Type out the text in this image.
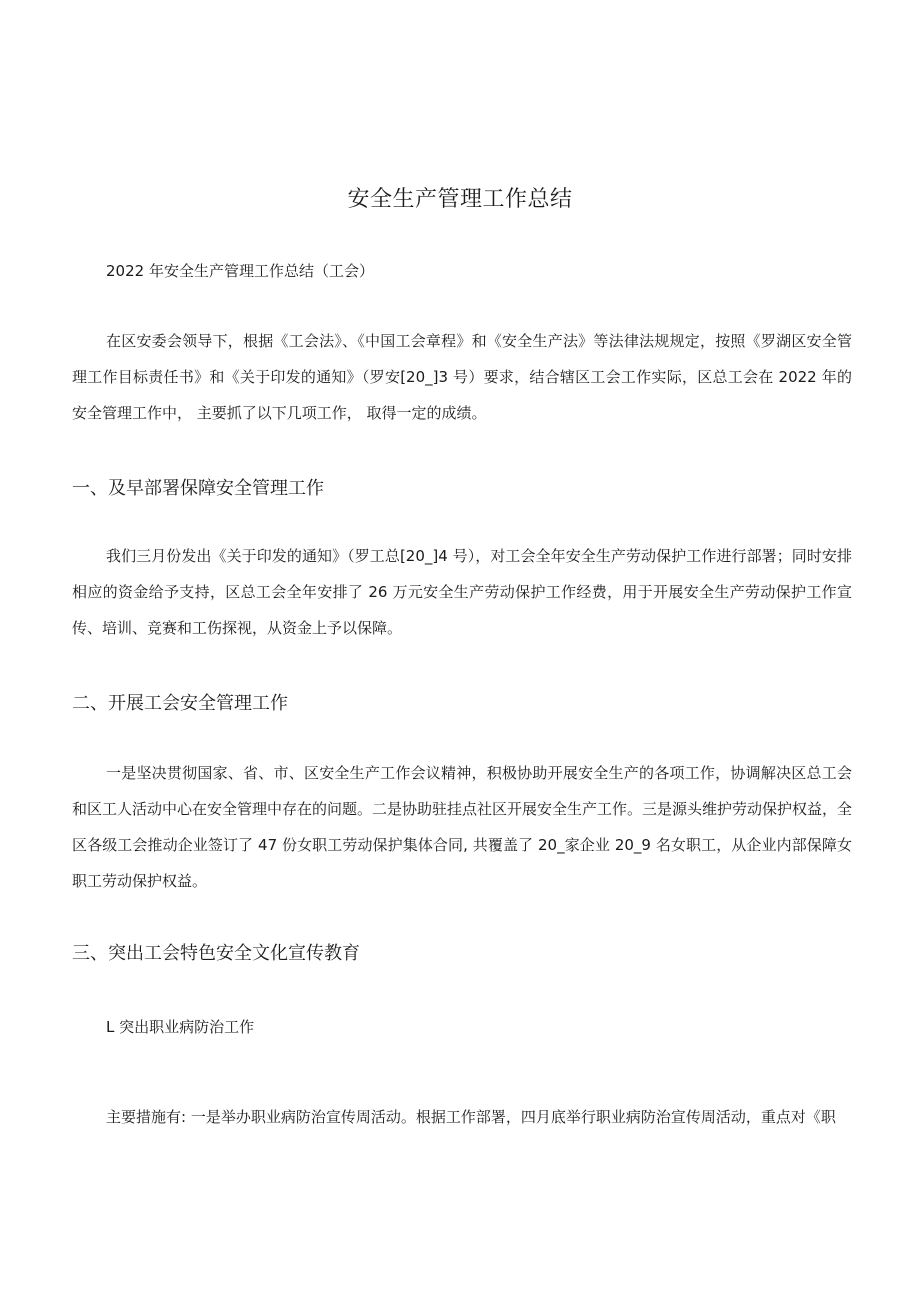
安全生产管理工作总结
2022 年安全生产管理工作总结（工会）
在区安委会领导下，根据《工会法》、《中国工会章程》和《安全生产法》等法律法规规定，按照《罗湖区安全管理工作目标责任书》和《关于印发的通知》（罗安[20_]3 号）要求，结合辖区工会工作实际，区总工会在 2022 年的安全管理工作中， 主要抓了以下几项工作， 取得一定的成绩。
一、及早部署保障安全管理工作
我们三月份发出《关于印发的通知》（罗工总[20_]4 号），对工会全年安全生产劳动保护工作进行部署；同时安排相应的资金给予支持，区总工会全年安排了 26 万元安全生产劳动保护工作经费，用于开展安全生产劳动保护工作宣传、培训、竞赛和工伤探视，从资金上予以保障。
二、开展工会安全管理工作
一是坚决贯彻国家、省、市、区安全生产工作会议精神，积极协助开展安全生产的各项工作，协调解决区总工会和区工人活动中心在安全管理中存在的问题。二是协助驻挂点社区开展安全生产工作。三是源头维护劳动保护权益，全区各级工会推动企业签订了 47 份女职工劳动保护集体合同, 共覆盖了 20_家企业 20_9 名女职工，从企业内部保障女职工劳动保护权益。
三、突出工会特色安全文化宣传教育
L 突出职业病防治工作
主要措施有: 一是举办职业病防治宣传周活动。根据工作部署，四月底举行职业病防治宣传周活动，重点对《职
